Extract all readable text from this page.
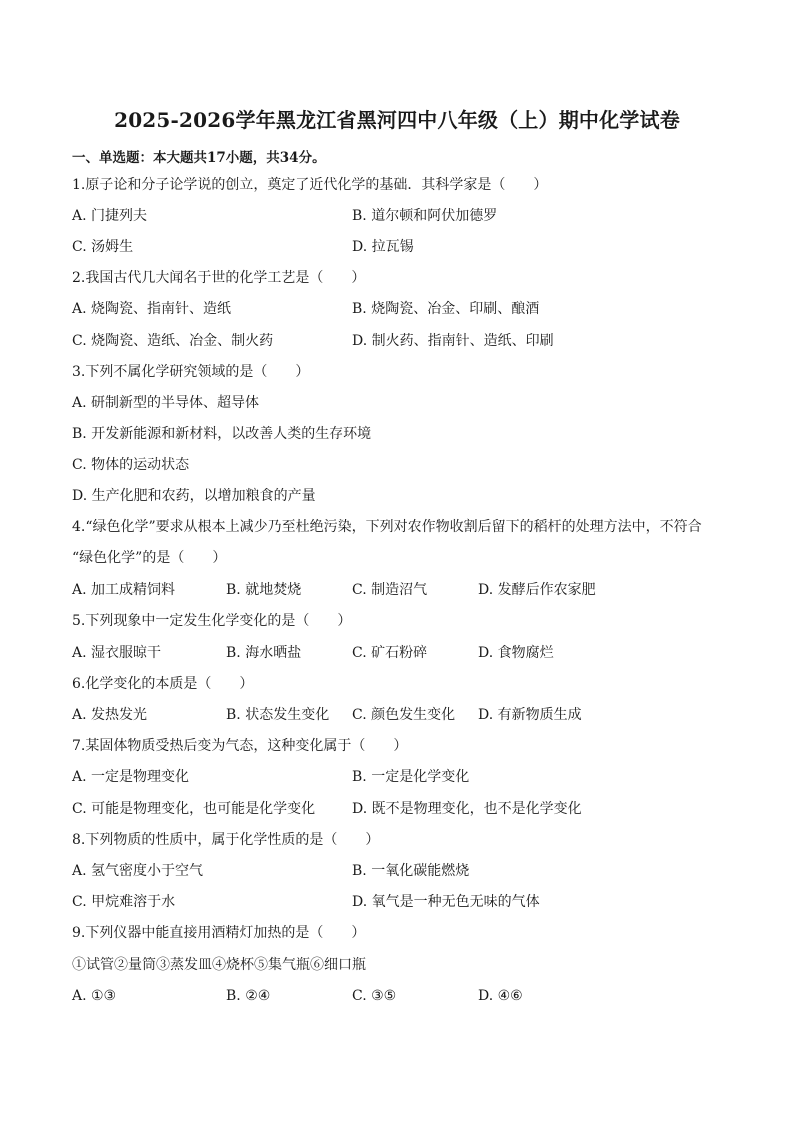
2025-2026学年黑龙江省黑河四中八年级（上）期中化学试卷
一、单选题：本大题共17小题，共34分。
1.原子论和分子论学说的创立，奠定了近代化学的基础．其科学家是（　　）
A. 门捷列夫	B. 道尔顿和阿伏加德罗
C. 汤姆生	D. 拉瓦锡
2.我国古代几大闻名于世的化学工艺是（　　）
A. 烧陶瓷、指南针、造纸	B. 烧陶瓷、冶金、印刷、酿酒
C. 烧陶瓷、造纸、冶金、制火药	D. 制火药、指南针、造纸、印刷
3.下列不属化学研究领域的是（　　）
A. 研制新型的半导体、超导体
B. 开发新能源和新材料，以改善人类的生存环境
C. 物体的运动状态
D. 生产化肥和农药，以增加粮食的产量
4.“绿色化学”要求从根本上减少乃至杜绝污染，下列对农作物收割后留下的稻杆的处理方法中，不符合
“绿色化学”的是（　　）
A. 加工成精饲料	B. 就地焚烧	C. 制造沼气	D. 发酵后作农家肥
5.下列现象中一定发生化学变化的是（　　）
A. 湿衣服晾干	B. 海水晒盐	C. 矿石粉碎	D. 食物腐烂
6.化学变化的本质是（　　）
A. 发热发光	B. 状态发生变化 C. 颜色发生变化 D. 有新物质生成
7.某固体物质受热后变为气态，这种变化属于（　　）
A. 一定是物理变化	B. 一定是化学变化
C. 可能是物理变化，也可能是化学变化	D. 既不是物理变化，也不是化学变化
8.下列物质的性质中，属于化学性质的是（　　）
A. 氢气密度小于空气	B. 一氧化碳能燃烧
C. 甲烷难溶于水	D. 氧气是一种无色无味的气体
9.下列仪器中能直接用酒精灯加热的是（　　）
①试管②量筒③蒸发皿④烧杯⑤集气瓶⑥细口瓶
A. ①③	B. ②④	C. ③⑤	D. ④⑥
